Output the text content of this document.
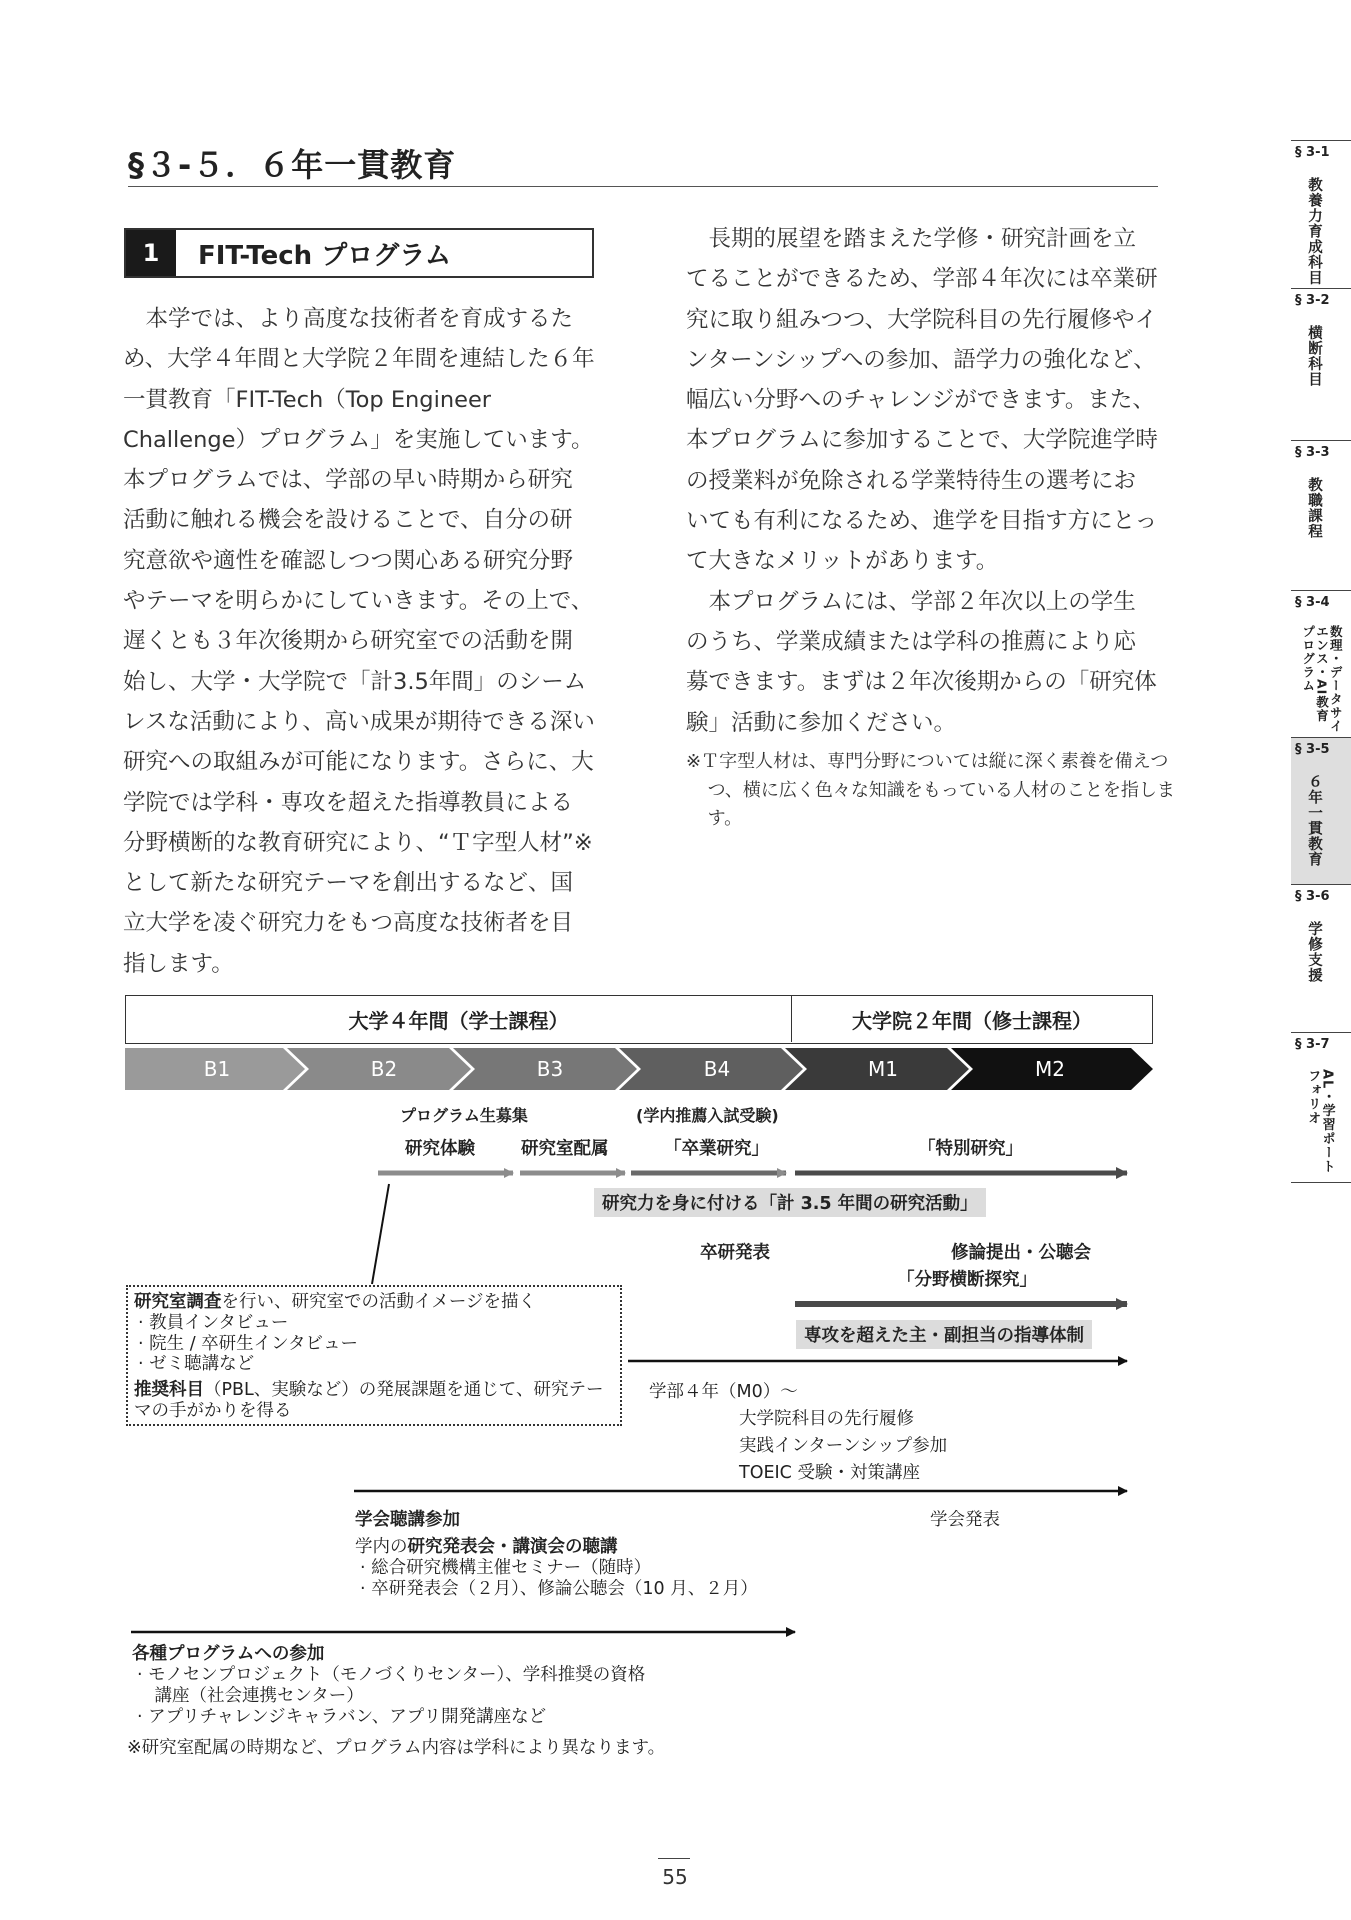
§３-５．６年一貫教育
1	FIT-Tech プログラム

本学では、より高度な技術者を育成するため、大学４年間と大学院２年間を連結した６年一貫教育「FIT-Tech（Top Engineer Challenge）プログラム」を実施しています。本プログラムでは、学部の早い時期から研究活動に触れる機会を設けることで、自分の研究意欲や適性を確認しつつ関心ある研究分野やテーマを明らかにしていきます。その上で、遅くとも３年次後期から研究室での活動を開始し、大学・大学院で「計3.5年間」のシームレスな活動により、高い成果が期待できる深い研究への取組みが可能になります。さらに、大学院では学科・専攻を超えた指導教員による分野横断的な教育研究により、“Ｔ字型人材”※として新たな研究テーマを創出するなど、国立大学を凌ぐ研究力をもつ高度な技術者を目指します。

長期的展望を踏まえた学修・研究計画を立てることができるため、学部４年次には卒業研究に取り組みつつ、大学院科目の先行履修やインターンシップへの参加、語学力の強化など、幅広い分野へのチャレンジができます。また、本プログラムに参加することで、大学院進学時の授業料が免除される学業特待生の選考においても有利になるため、進学を目指す方にとって大きなメリットがあります。

本プログラムには、学部２年次以上の学生のうち、学業成績または学科の推薦により応募できます。まずは２年次後期からの「研究体験」活動に参加ください。

※Ｔ字型人材は、専門分野については縦に深く素養を備えつつ、横に広く色々な知識をもっている人材のことを指します。
§ 3-1
教養力育成科目
§ 3-2
横断科目
§ 3-3
教職課程
§ 3-4
数理・データサイエンス・AI教育プログラム
§ 3-5
６年一貫教育
§ 3-6
学修支援
§ 3-7
AL・学習ポートフォリオ
大学４年間（学士課程）	大学院２年間（修士課程）
B1	B2	B3	B4	M1	M2
プログラム生募集	(学内推薦入試受験)
研究体験	研究室配属	「卒業研究」	「特別研究」
研究力を身に付ける「計 3.5 年間の研究活動」
卒研発表	修論提出・公聴会
「分野横断探究」
専攻を超えた主・副担当の指導体制
研究室調査を行い、研究室での活動イメージを描く
· 教員インタビュー
· 院生 / 卒研生インタビュー
· ゼミ聴講など
推奨科目（PBL、実験など）の発展課題を通じて、研究テー
マの手がかりを得る
学部４年（M0）～
大学院科目の先行履修
実践インターンシップ参加
TOEIC 受験・対策講座
学会聴講参加	学会発表
学内の研究発表会・講演会の聴講
· 総合研究機構主催セミナー（随時）
· 卒研発表会（２月）、修論公聴会（10 月、２月）
各種プログラムへの参加
· モノセンプロジェクト（モノづくりセンター）、学科推奨の資格
　講座（社会連携センター）
· アプリチャレンジキャラバン、アプリ開発講座など
※研究室配属の時期など、プログラム内容は学科により異なります。
55
